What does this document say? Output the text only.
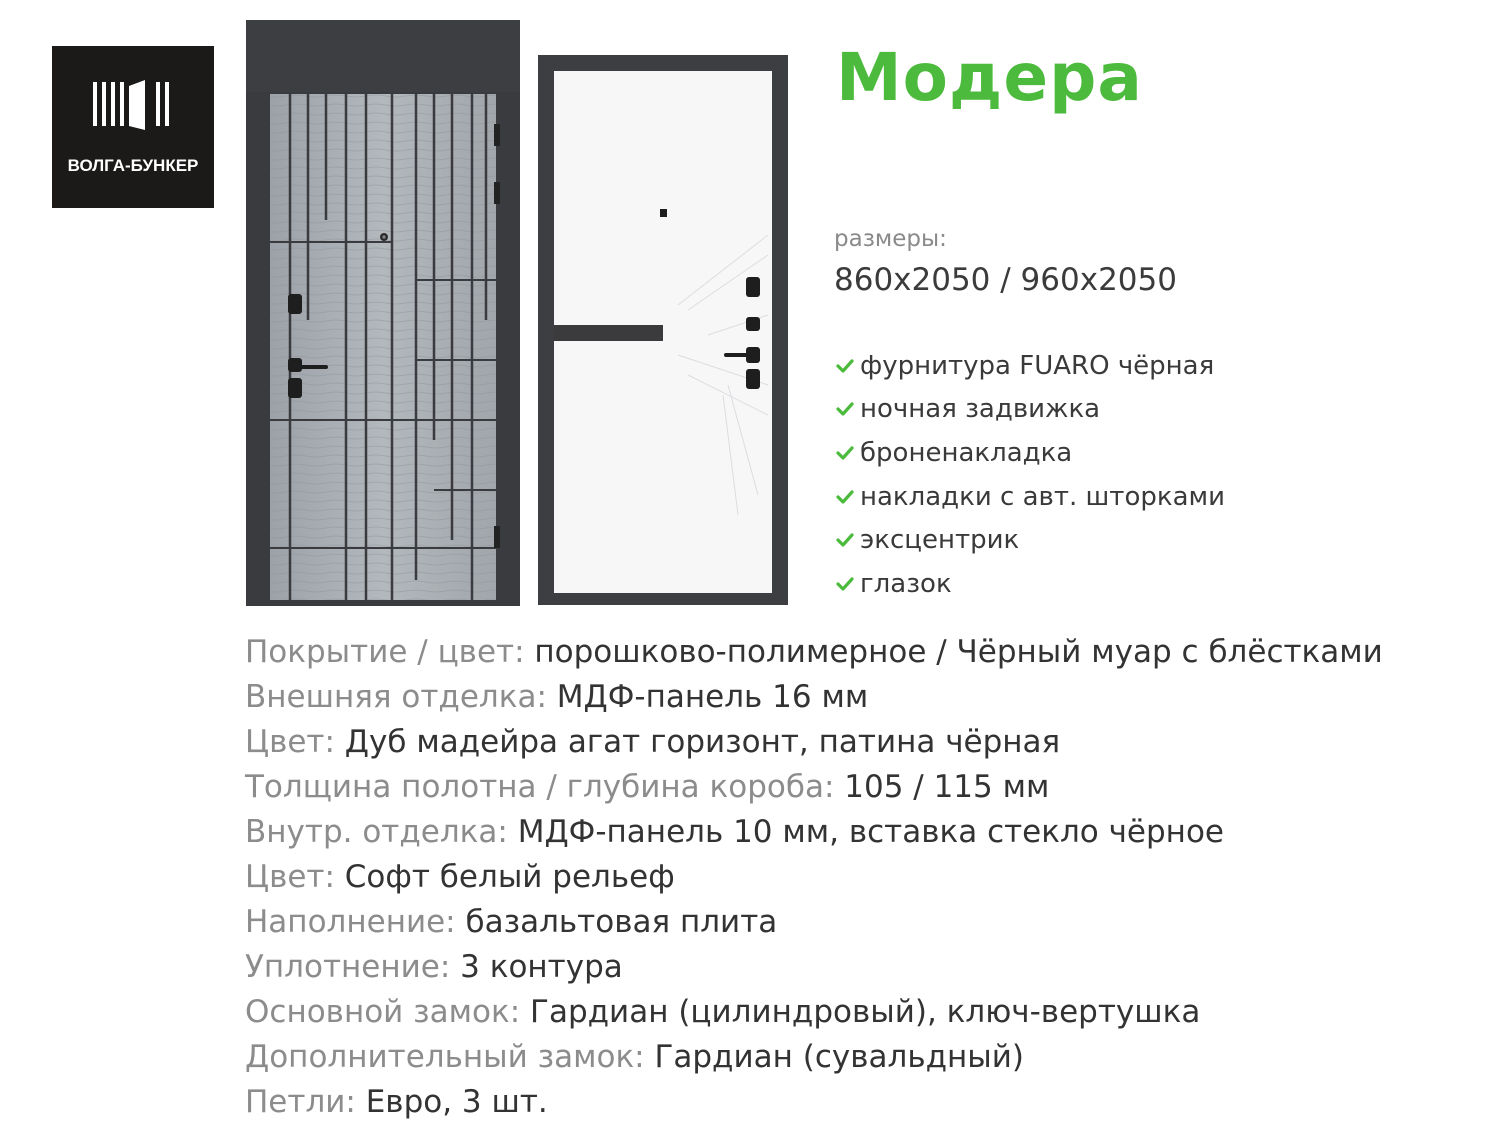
ВОЛГА-БУНКЕР
Модера
размеры:
860x2050 / 960x2050
фурнитура FUARO чёрная
ночная задвижка
броненакладка
накладки с авт. шторками
эксцентрик
глазок
Покрытие / цвет: порошково-полимерное / Чёрный муар с блёстками
Внешняя отделка: МДФ-панель 16 мм
Цвет: Дуб мадейра агат горизонт, патина чёрная
Толщина полотна / глубина короба: 105 / 115 мм
Внутр. отделка: МДФ-панель 10 мм, вставка стекло чёрное
Цвет: Софт белый рельеф
Наполнение: базальтовая плита
Уплотнение: 3 контура
Основной замок: Гардиан (цилиндровый), ключ-вертушка
Дополнительный замок: Гардиан (сувальдный)
Петли: Евро, 3 шт.
